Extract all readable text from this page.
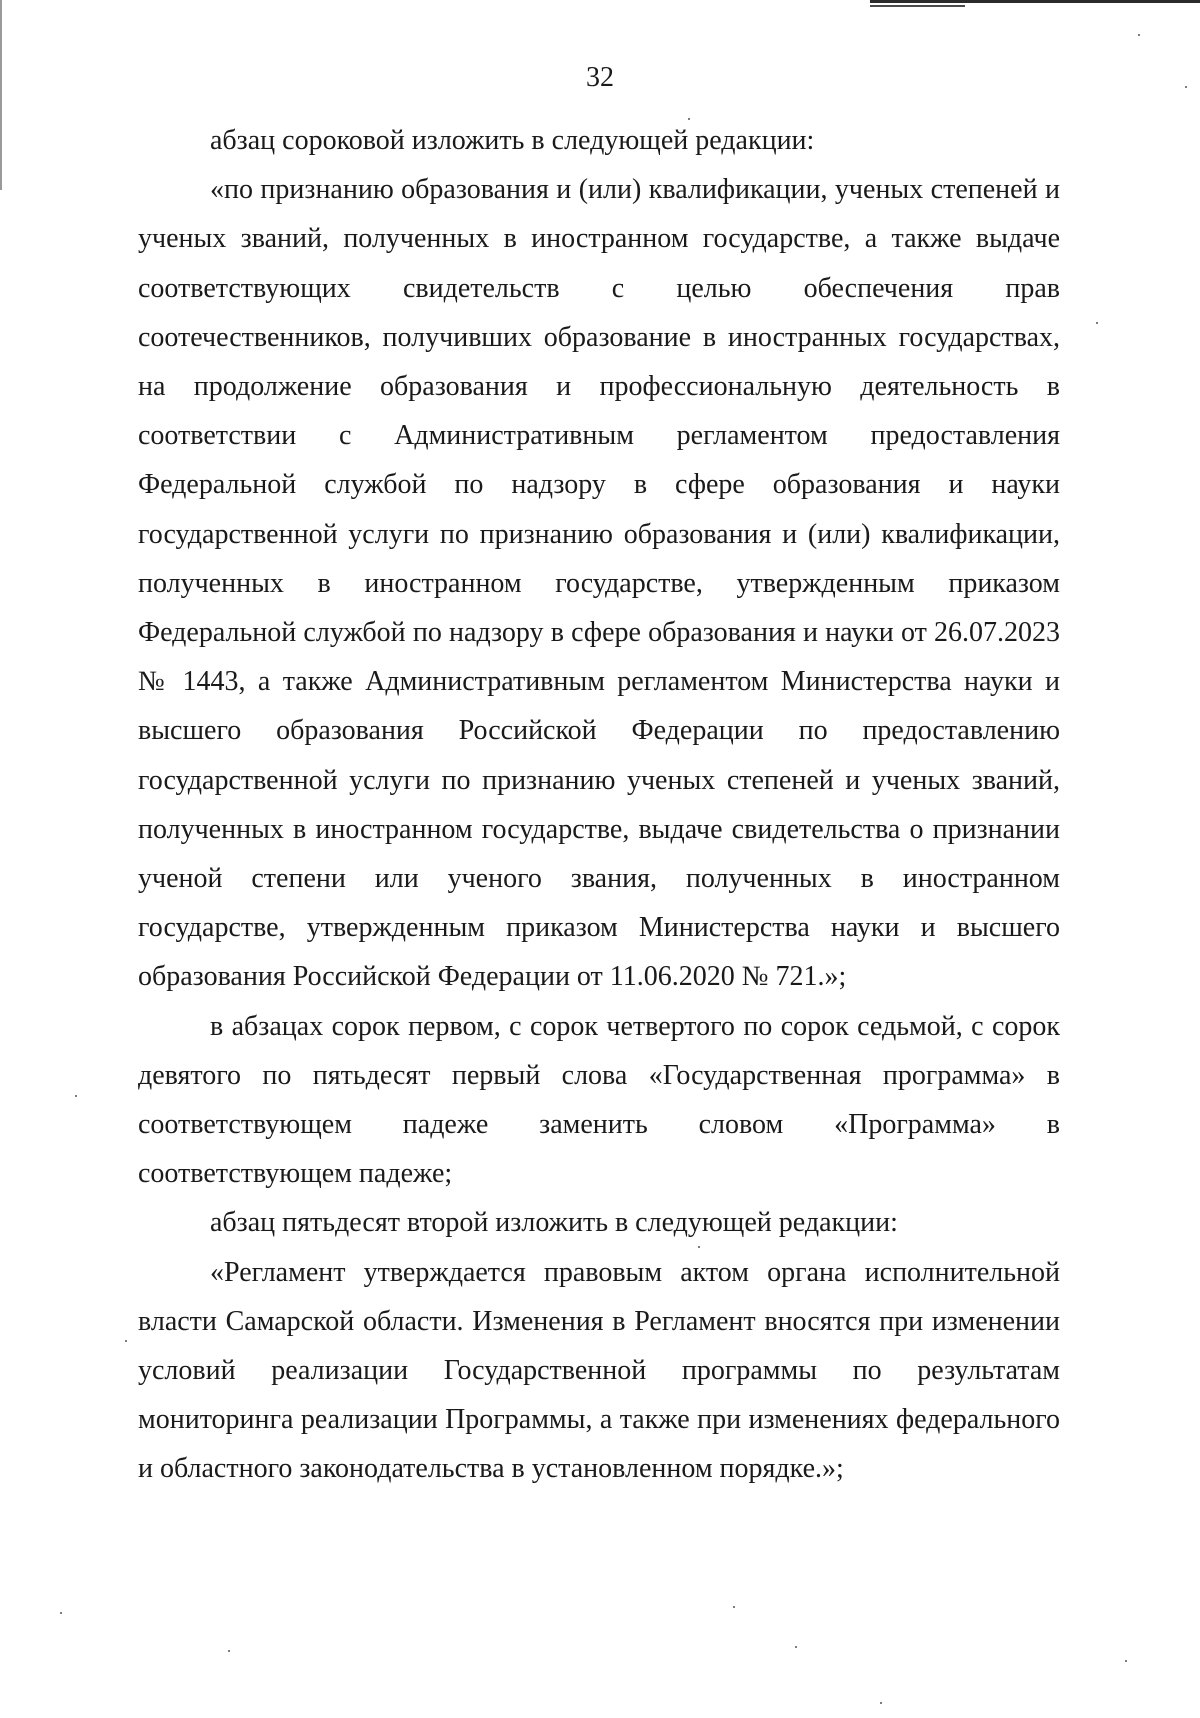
32

абзац сороковой изложить в следующей редакции:

«по признанию образования и (или) квалификации, ученых степеней и ученых званий, полученных в иностранном государстве, а также выдаче соответствующих свидетельств с целью обеспечения прав соотечественников, получивших образование в иностранных государствах, на продолжение образования и профессиональную деятельность в соответствии с Административным регламентом предоставления Федеральной службой по надзору в сфере образования и науки государственной услуги по признанию образования и (или) квалификации, полученных в иностранном государстве, утвержденным приказом Федеральной службой по надзору в сфере образования и науки от 26.07.2023 № 1443, а также Административным регламентом Министерства науки и высшего образования Российской Федерации по предоставлению государственной услуги по признанию ученых степеней и ученых званий, полученных в иностранном государстве, выдаче свидетельства о признании ученой степени или ученого звания, полученных в иностранном государстве, утвержденным приказом Министерства науки и высшего образования Российской Федерации от 11.06.2020 № 721.»;

в абзацах сорок первом, с сорок четвертого по сорок седьмой, с сорок девятого по пятьдесят первый слова «Государственная программа» в соответствующем падеже заменить словом «Программа» в соответствующем падеже;

абзац пятьдесят второй изложить в следующей редакции:

«Регламент утверждается правовым актом органа исполнительной власти Самарской области. Изменения в Регламент вносятся при изменении условий реализации Государственной программы по результатам мониторинга реализации Программы, а также при изменениях федерального и областного законодательства в установленном порядке.»;
